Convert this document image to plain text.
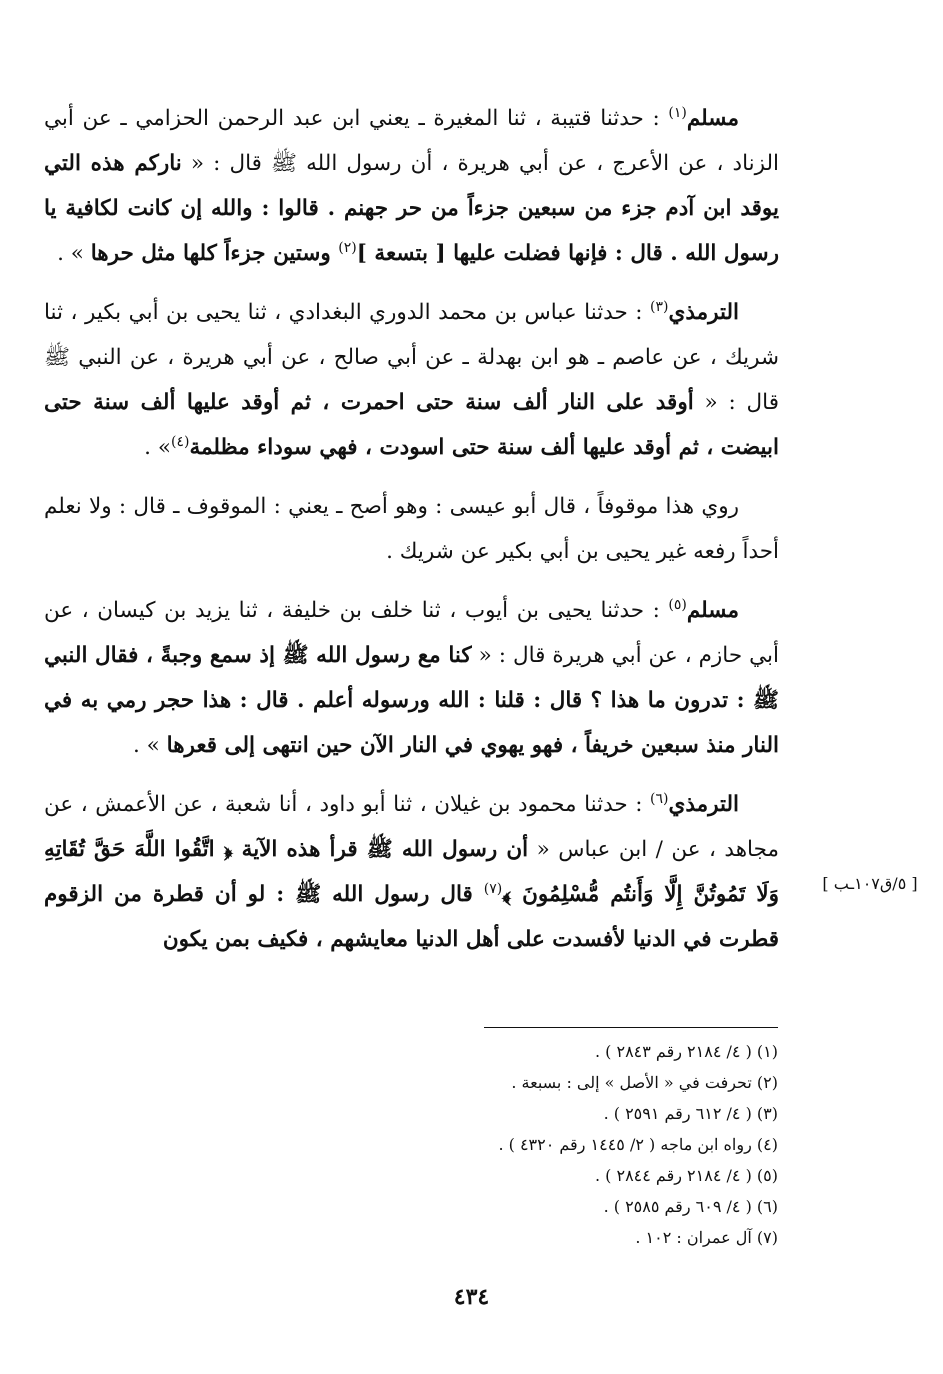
مسلم$^{(١)}$ : حدثنا قتيبة ، ثنا المغيرة ـ يعني ابن عبد الرحمن الحزامي ـ عن أبي الزناد ، عن الأعرج ، عن أبي هريرة ، أن رسول الله ﷺ قال : « ناركم هذه التي يوقد ابن آدم جزء من سبعين جزءاً من حر جهنم . قالوا : والله إن كانت لكافية يا رسول الله . قال : فإنها فضلت عليها [ بتسعة ]$^{(٢)}$ وستين جزءاً كلها مثل حرها » .

الترمذي$^{(٣)}$ : حدثنا عباس بن محمد الدوري البغدادي ، ثنا يحيى بن أبي بكير ، ثنا شريك ، عن عاصم ـ هو ابن بهدلة ـ عن أبي صالح ، عن أبي هريرة ، عن النبي ﷺ قال : « أوقد على النار ألف سنة حتى احمرت ، ثم أوقد عليها ألف سنة حتى ابيضت ، ثم أوقد عليها ألف سنة حتى اسودت ، فهي سوداء مظلمة$^{(٤)}$» .

روي هذا موقوفاً ، قال أبو عيسى : وهو أصح ـ يعني : الموقوف ـ قال : ولا نعلم أحداً رفعه غير يحيى بن أبي بكير عن شريك .

مسلم$^{(٥)}$ : حدثنا يحيى بن أيوب ، ثنا خلف بن خليفة ، ثنا يزيد بن كيسان ، عن أبي حازم ، عن أبي هريرة قال : « كنا مع رسول الله ﷺ إذ سمع وجبةً ، فقال النبي ﷺ : تدرون ما هذا ؟ قال : قلنا : الله ورسوله أعلم . قال : هذا حجر رمي به في النار منذ سبعين خريفاً ، فهو يهوي في النار الآن حين انتهى إلى قعرها » .

الترمذي$^{(٦)}$ : حدثنا محمود بن غيلان ، ثنا أبو داود ، أنا شعبة ، عن الأعمش ، عن مجاهد ، عن / ابن عباس « أن رسول الله ﷺ قرأ هذه الآية ﴿ اتَّقُوا اللَّهَ حَقَّ تُقَاتِهِ وَلَا تَمُوتُنَّ إِلَّا وَأَنتُم مُّسْلِمُونَ ﴾$^{(٧)}$ قال رسول الله ﷺ : لو أن قطرة من الزقوم قطرت في الدنيا لأفسدت على أهل الدنيا معايشهم ، فكيف بمن يكون

[ ٥/ق١٠٧ـب ]

(١) ( ٤/ ٢١٨٤ رقم ٢٨٤٣ ) .

(٢) تحرفت في « الأصل » إلى : بسبعة .

(٣) ( ٤/ ٦١٢ رقم ٢٥٩١ ) .

(٤) رواه ابن ماجه ( ٢/ ١٤٤٥ رقم ٤٣٢٠ ) .

(٥) ( ٤/ ٢١٨٤ رقم ٢٨٤٤ ) .

(٦) ( ٤/ ٦٠٩ رقم ٢٥٨٥ ) .

(٧) آل عمران : ١٠٢ .

٤٣٤
